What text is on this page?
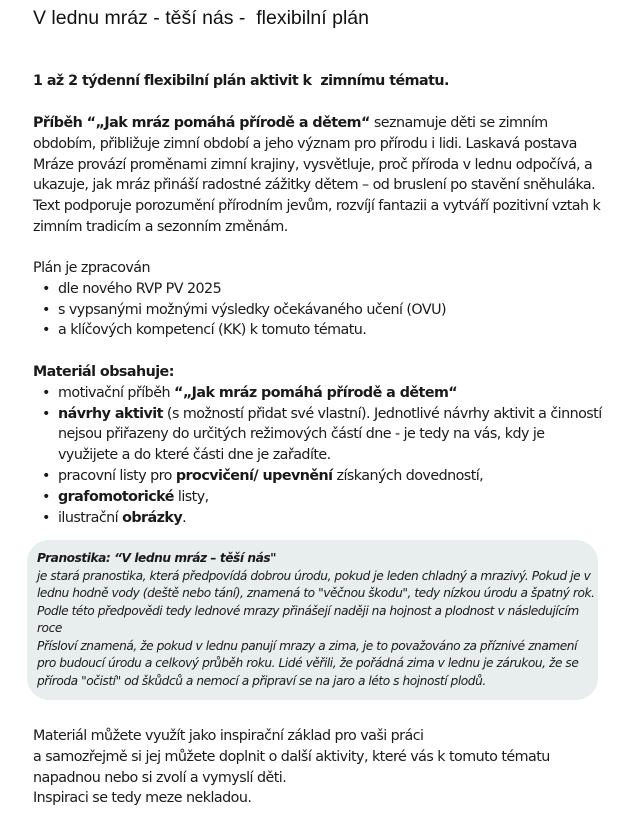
V lednu mráz - těší nás -  flexibilní plán
1 až 2 týdenní flexibilní plán aktivit k  zimnímu tématu.

Příběh “„Jak mráz pomáhá přírodě a dětem“ seznamuje děti se zimním obdobím, přibližuje zimní období a jeho význam pro přírodu i lidi. Laskavá postava Mráze provází proměnami zimní krajiny, vysvětluje, proč příroda v lednu odpočívá, a ukazuje, jak mráz přináší radostné zážitky dětem – od bruslení po stavění sněhuláka. Text podporuje porozumění přírodním jevům, rozvíjí fantazii a vytváří pozitivní vztah k zimním tradicím a sezonním změnám.

Plán je zpracován
• dle nového RVP PV 2025
• s vypsanými možnými výsledky očekávaného učení (OVU)
• a klíčových kompetencí (KK) k tomuto tématu.
Materiál obsahuje:
• motivační příběh “„Jak mráz pomáhá přírodě a dětem“
• návrhy aktivit (s možností přidat své vlastní). Jednotlivé návrhy aktivit a činností nejsou přiřazeny do určitých režimových částí dne - je tedy na vás, kdy je využijete a do které části dne je zařadíte.
• pracovní listy pro procvičení/ upevnění získaných dovedností,
• grafomotorické listy,
• ilustrační obrázky.
Pranostika: “V lednu mráz – těší nás"
je stará pranostika, která předpovídá dobrou úrodu, pokud je leden chladný a mrazivý. Pokud je v lednu hodně vody (deště nebo tání), znamená to "věčnou škodu", tedy nízkou úrodu a špatný rok. Podle této předpovědi tedy lednové mrazy přinášejí naději na hojnost a plodnost v následujícím roce
Přísloví znamená, že pokud v lednu panují mrazy a zima, je to považováno za příznivé znamení pro budoucí úrodu a celkový průběh roku. Lidé věřili, že pořádná zima v lednu je zárukou, že se příroda "očistí" od škůdců a nemocí a připraví se na jaro a léto s hojností plodů.
Materiál můžete využít jako inspirační základ pro vaši práci
a samozřejmě si jej můžete doplnit o další aktivity, které vás k tomuto tématu napadnou nebo si zvolí a vymyslí děti.
Inspiraci se tedy meze nekladou.
